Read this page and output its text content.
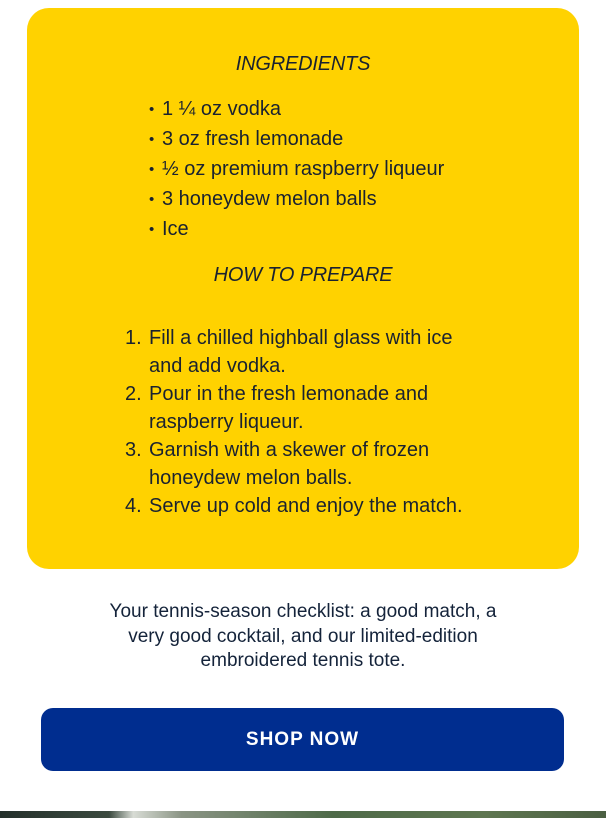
INGREDIENTS
• 1 ¼ oz vodka
• 3 oz fresh lemonade
• ½ oz premium raspberry liqueur
• 3 honeydew melon balls
• Ice
HOW TO PREPARE
1. Fill a chilled highball glass with ice
and add vodka.
2. Pour in the fresh lemonade and
raspberry liqueur.
3. Garnish with a skewer of frozen
honeydew melon balls.
4. Serve up cold and enjoy the match.
Your tennis-season checklist: a good match, a
very good cocktail, and our limited-edition
embroidered tennis tote.
SHOP NOW
